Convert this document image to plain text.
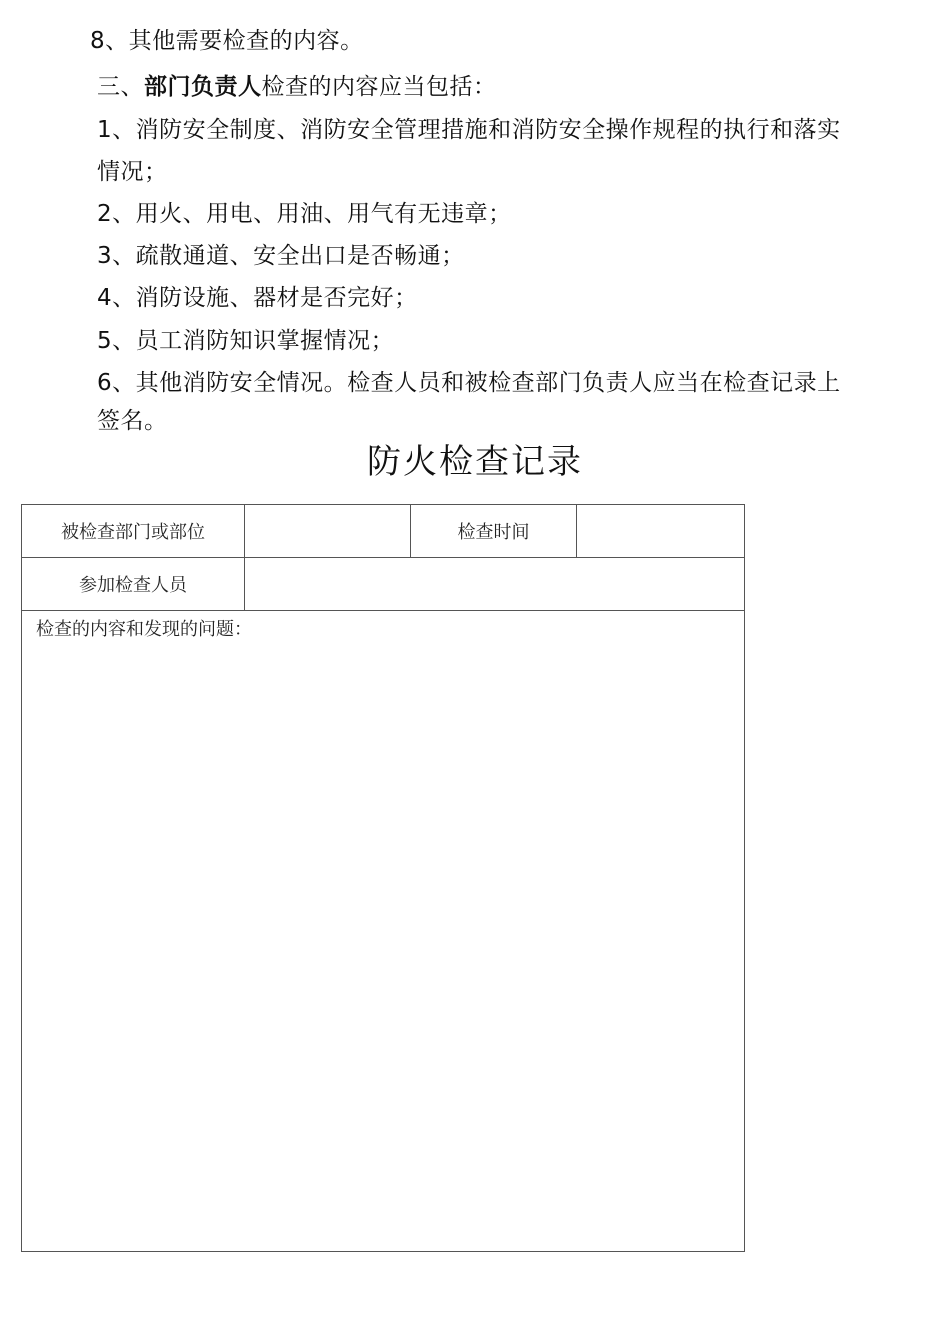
8、其他需要检查的内容。
三、部门负责人检查的内容应当包括：
1、消防安全制度、消防安全管理措施和消防安全操作规程的执行和落实
情况；
2、用火、用电、用油、用气有无违章；
3、疏散通道、安全出口是否畅通；
4、消防设施、器材是否完好；
5、员工消防知识掌握情况；
6、其他消防安全情况。检查人员和被检查部门负责人应当在检查记录上
签名。
防火检查记录
被检查部门或部位		检查时间	
参加检查人员			
检查的内容和发现的问题：			
